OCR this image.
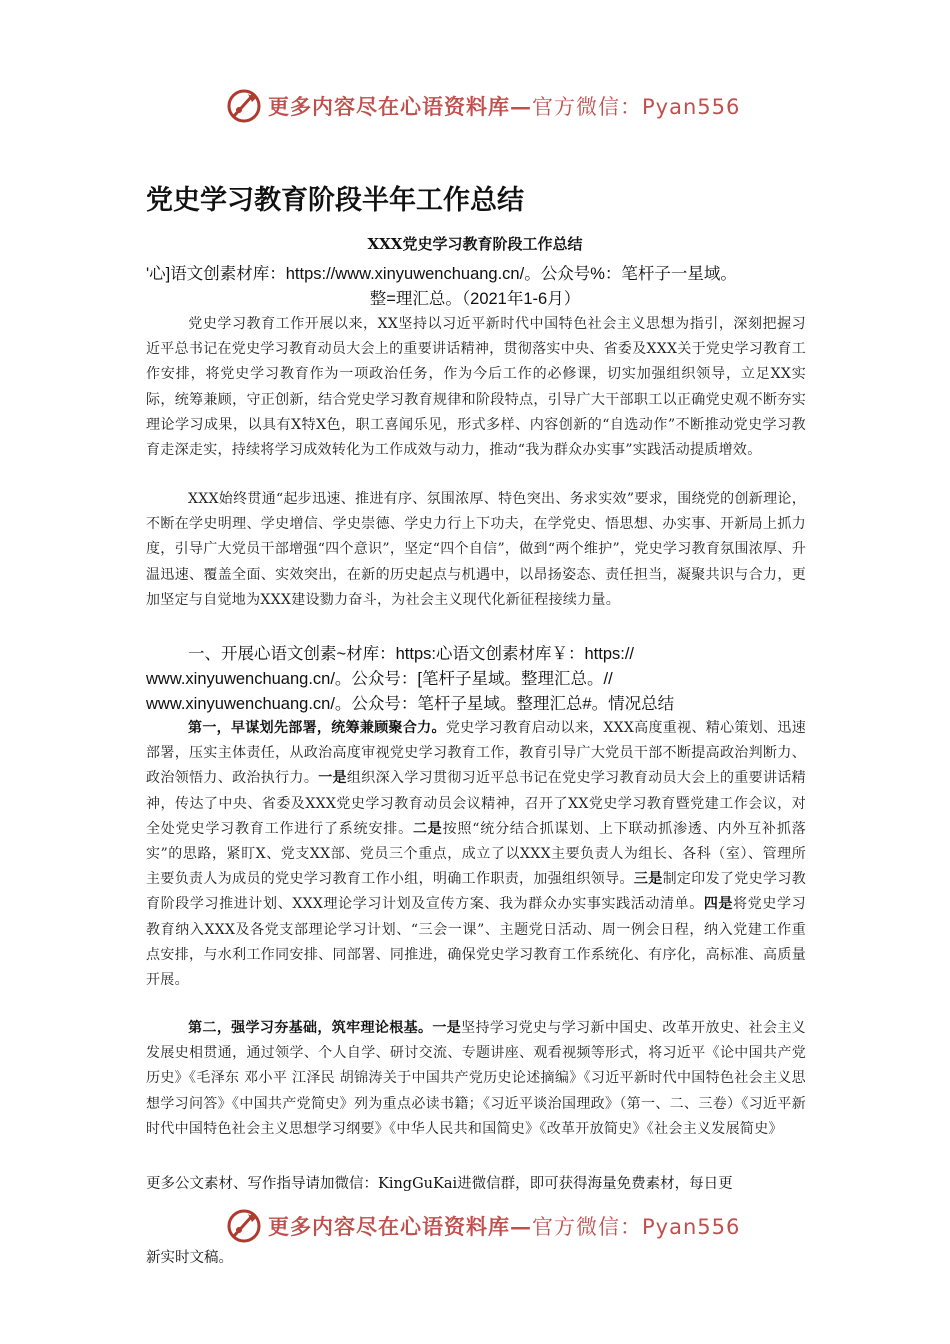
更多内容尽在心语资料库—官方微信：Pyan556
党史学习教育阶段半年工作总结
XXX党史学习教育阶段工作总结
'心]语文创素材库：https://www.xinyuwenchuang.cn/。公众号%：笔杆子一星域。
整=理汇总。（2021年1-6月）
党史学习教育工作开展以来，XX坚持以习近平新时代中国特色社会主义思想为指引，深刻把握习近平总书记在党史学习教育动员大会上的重要讲话精神，贯彻落实中央、省委及XXX关于党史学习教育工作安排，将党史学习教育作为一项政治任务，作为今后工作的必修课，切实加强组织领导，立足XX实际，统筹兼顾，守正创新，结合党史学习教育规律和阶段特点，引导广大干部职工以正确党史观不断夯实理论学习成果，以具有X特X色，职工喜闻乐见，形式多样、内容创新的“自选动作”不断推动党史学习教育走深走实，持续将学习成效转化为工作成效与动力，推动“我为群众办实事”实践活动提质增效。
XXX始终贯通“起步迅速、推进有序、氛围浓厚、特色突出、务求实效”要求，围绕党的创新理论，不断在学史明理、学史增信、学史崇德、学史力行上下功夫，在学党史、悟思想、办实事、开新局上抓力度，引导广大党员干部增强“四个意识”，坚定“四个自信”，做到“两个维护”，党史学习教育氛围浓厚、升温迅速、覆盖全面、实效突出，在新的历史起点与机遇中，以昂扬姿态、责任担当，凝聚共识与合力，更加坚定与自觉地为XXX建设勠力奋斗，为社会主义现代化新征程接续力量。
一、开展心语文创素~材库：https:心语文创素材库￥：https://
www.xinyuwenchuang.cn/。公众号：[笔杆子星域。整理汇总。//
www.xinyuwenchuang.cn/。公众号：笔杆子星域。整理汇总#。情况总结
第一，早谋划先部署，统筹兼顾聚合力。党史学习教育启动以来，XXX高度重视、精心策划、迅速部署，压实主体责任，从政治高度审视党史学习教育工作，教育引导广大党员干部不断提高政治判断力、政治领悟力、政治执行力。一是组织深入学习贯彻习近平总书记在党史学习教育动员大会上的重要讲话精神，传达了中央、省委及XXX党史学习教育动员会议精神，召开了XX党史学习教育暨党建工作会议，对全处党史学习教育工作进行了系统安排。二是按照“统分结合抓谋划、上下联动抓渗透、内外互补抓落实”的思路，紧盯X、党支XX部、党员三个重点，成立了以XXX主要负责人为组长、各科（室）、管理所主要负责人为成员的党史学习教育工作小组，明确工作职责，加强组织领导。三是制定印发了党史学习教育阶段学习推进计划、XXX理论学习计划及宣传方案、我为群众办实事实践活动清单。四是将党史学习教育纳入XXX及各党支部理论学习计划、“三会一课”、主题党日活动、周一例会日程，纳入党建工作重点安排，与水利工作同安排、同部署、同推进，确保党史学习教育工作系统化、有序化，高标准、高质量开展。
第二，强学习夯基础，筑牢理论根基。一是坚持学习党史与学习新中国史、改革开放史、社会主义发展史相贯通，通过领学、个人自学、研讨交流、专题讲座、观看视频等形式，将习近平《论中国共产党历史》《毛泽东 邓小平 江泽民 胡锦涛关于中国共产党历史论述摘编》《习近平新时代中国特色社会主义思想学习问答》《中国共产党简史》列为重点必读书籍；《习近平谈治国理政》（第一、二、三卷）《习近平新时代中国特色社会主义思想学习纲要》《中华人民共和国简史》《改革开放简史》《社会主义发展简史》
更多公文素材、写作指导请加微信：KingGuKai进微信群，即可获得海量免费素材，每日更
更多内容尽在心语资料库—官方微信：Pyan556
新实时文稿。
